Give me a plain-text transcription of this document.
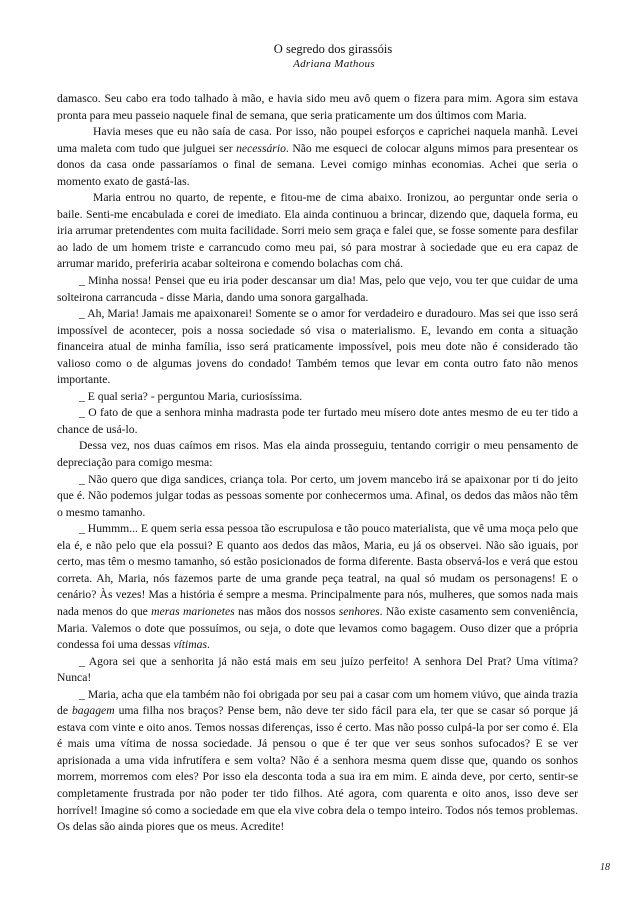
O segredo dos girassóis
Adriana Mathous

damasco. Seu cabo era todo talhado à mão, e havia sido meu avô quem o fizera para mim. Agora sim estava pronta para meu passeio naquele final de semana, que seria praticamente um dos últimos com Maria.

Havia meses que eu não saía de casa. Por isso, não poupei esforços e caprichei naquela manhã. Levei uma maleta com tudo que julguei ser necessário. Não me esqueci de colocar alguns mimos para presentear os donos da casa onde passaríamos o final de semana. Levei comigo minhas economias. Achei que seria o momento exato de gastá-las.

Maria entrou no quarto, de repente, e fitou-me de cima abaixo. Ironizou, ao perguntar onde seria o baile. Senti-me encabulada e corei de imediato. Ela ainda continuou a brincar, dizendo que, daquela forma, eu iria arrumar pretendentes com muita facilidade. Sorri meio sem graça e falei que, se fosse somente para desfilar ao lado de um homem triste e carrancudo como meu pai, só para mostrar à sociedade que eu era capaz de arrumar marido, preferiria acabar solteirona e comendo bolachas com chá.

_ Minha nossa! Pensei que eu iria poder descansar um dia! Mas, pelo que vejo, vou ter que cuidar de uma solteirona carrancuda - disse Maria, dando uma sonora gargalhada.

_ Ah, Maria! Jamais me apaixonarei! Somente se o amor for verdadeiro e duradouro. Mas sei que isso será impossível de acontecer, pois a nossa sociedade só visa o materialismo. E, levando em conta a situação financeira atual de minha família, isso será praticamente impossível, pois meu dote não é considerado tão valioso como o de algumas jovens do condado! Também temos que levar em conta outro fato não menos importante.

_ E qual seria? - perguntou Maria, curiosíssima.

_ O fato de que a senhora minha madrasta pode ter furtado meu mísero dote antes mesmo de eu ter tido a chance de usá-lo.

Dessa vez, nos duas caímos em risos. Mas ela ainda prosseguiu, tentando corrigir o meu pensamento de depreciação para comigo mesma:

_ Não quero que diga sandices, criança tola. Por certo, um jovem mancebo irá se apaixonar por ti do jeito que é. Não podemos julgar todas as pessoas somente por conhecermos uma. Afinal, os dedos das mãos não têm o mesmo tamanho.

_ Hummm... E quem seria essa pessoa tão escrupulosa e tão pouco materialista, que vê uma moça pelo que ela é, e não pelo que ela possui? E quanto aos dedos das mãos, Maria, eu já os observei. Não são iguais, por certo, mas têm o mesmo tamanho, só estão posicionados de forma diferente. Basta observá-los e verá que estou correta. Ah, Maria, nós fazemos parte de uma grande peça teatral, na qual só mudam os personagens! E o cenário? Às vezes! Mas a história é sempre a mesma. Principalmente para nós, mulheres, que somos nada mais nada menos do que meras marionetes nas mãos dos nossos senhores. Não existe casamento sem conveniência, Maria. Valemos o dote que possuímos, ou seja, o dote que levamos como bagagem. Ouso dizer que a própria condessa foi uma dessas vítimas.

_ Agora sei que a senhorita já não está mais em seu juízo perfeito! A senhora Del Prat? Uma vítima? Nunca!

_ Maria, acha que ela também não foi obrigada por seu pai a casar com um homem viúvo, que ainda trazia de bagagem uma filha nos braços? Pense bem, não deve ter sido fácil para ela, ter que se casar só porque já estava com vinte e oito anos. Temos nossas diferenças, isso é certo. Mas não posso culpá-la por ser como é. Ela é mais uma vítima de nossa sociedade. Já pensou o que é ter que ver seus sonhos sufocados? E se ver aprisionada a uma vida infrutífera e sem volta? Não é a senhora mesma quem disse que, quando os sonhos morrem, morremos com eles? Por isso ela desconta toda a sua ira em mim. E ainda deve, por certo, sentir-se completamente frustrada por não poder ter tido filhos. Até agora, com quarenta e oito anos, isso deve ser horrível! Imagine só como a sociedade em que ela vive cobra dela o tempo inteiro. Todos nós temos problemas. Os delas são ainda piores que os meus. Acredite!

18
